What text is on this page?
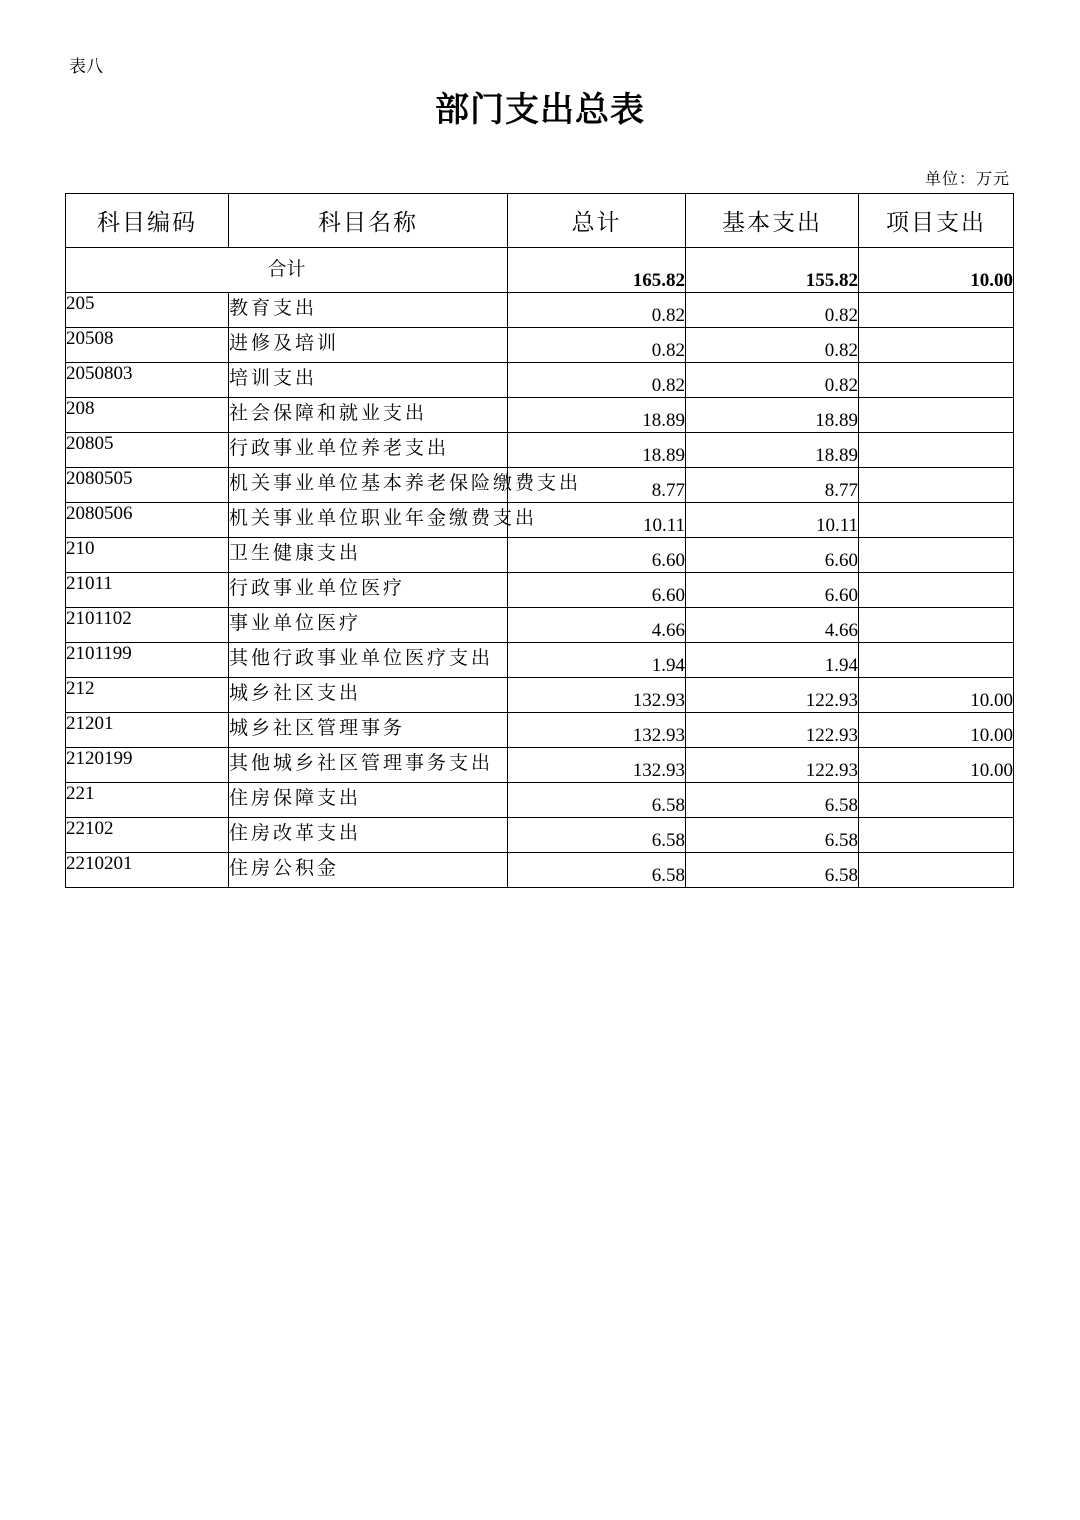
表八
部门支出总表
单位：万元
科目编码	科目名称	总计	基本支出	项目支出
合计		165.82	155.82	10.00
205	教育支出	0.82	0.82	
20508	进修及培训	0.82	0.82	
2050803	培训支出	0.82	0.82	
208	社会保障和就业支出	18.89	18.89	
20805	行政事业单位养老支出	18.89	18.89	
2080505	机关事业单位基本养老保险缴费支出	8.77	8.77	
2080506	机关事业单位职业年金缴费支出	10.11	10.11	
210	卫生健康支出	6.60	6.60	
21011	行政事业单位医疗	6.60	6.60	
2101102	事业单位医疗	4.66	4.66	
2101199	其他行政事业单位医疗支出	1.94	1.94	
212	城乡社区支出	132.93	122.93	10.00
21201	城乡社区管理事务	132.93	122.93	10.00
2120199	其他城乡社区管理事务支出	132.93	122.93	10.00
221	住房保障支出	6.58	6.58	
22102	住房改革支出	6.58	6.58	
2210201	住房公积金	6.58	6.58	
